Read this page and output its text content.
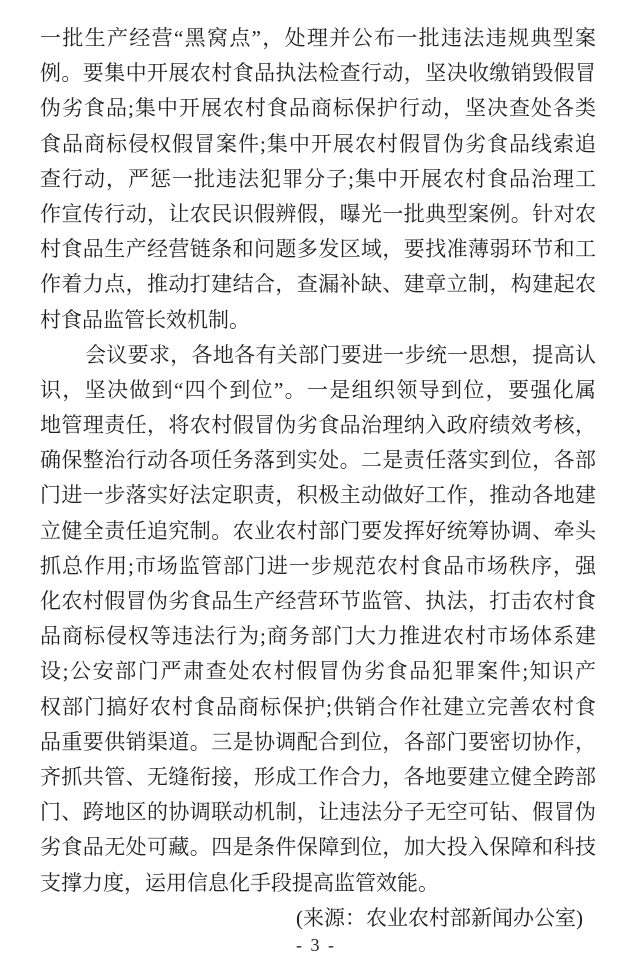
一批生产经营“黑窝点”，处理并公布一批违法违规典型案
例。要集中开展农村食品执法检查行动，坚决收缴销毁假冒
伪劣食品;集中开展农村食品商标保护行动，坚决查处各类
食品商标侵权假冒案件;集中开展农村假冒伪劣食品线索追
查行动，严惩一批违法犯罪分子;集中开展农村食品治理工
作宣传行动，让农民识假辨假，曝光一批典型案例。针对农
村食品生产经营链条和问题多发区域，要找准薄弱环节和工
作着力点，推动打建结合，查漏补缺、建章立制，构建起农
村食品监管长效机制。
会议要求，各地各有关部门要进一步统一思想，提高认
识，坚决做到“四个到位”。一是组织领导到位，要强化属
地管理责任，将农村假冒伪劣食品治理纳入政府绩效考核，
确保整治行动各项任务落到实处。二是责任落实到位，各部
门进一步落实好法定职责，积极主动做好工作，推动各地建
立健全责任追究制。农业农村部门要发挥好统筹协调、牵头
抓总作用;市场监管部门进一步规范农村食品市场秩序，强
化农村假冒伪劣食品生产经营环节监管、执法，打击农村食
品商标侵权等违法行为;商务部门大力推进农村市场体系建
设;公安部门严肃查处农村假冒伪劣食品犯罪案件;知识产
权部门搞好农村食品商标保护;供销合作社建立完善农村食
品重要供销渠道。三是协调配合到位，各部门要密切协作，
齐抓共管、无缝衔接，形成工作合力，各地要建立健全跨部
门、跨地区的协调联动机制，让违法分子无空可钻、假冒伪
劣食品无处可藏。四是条件保障到位，加大投入保障和科技
支撑力度，运用信息化手段提高监管效能。
(来源：农业农村部新闻办公室)
- 3 -
